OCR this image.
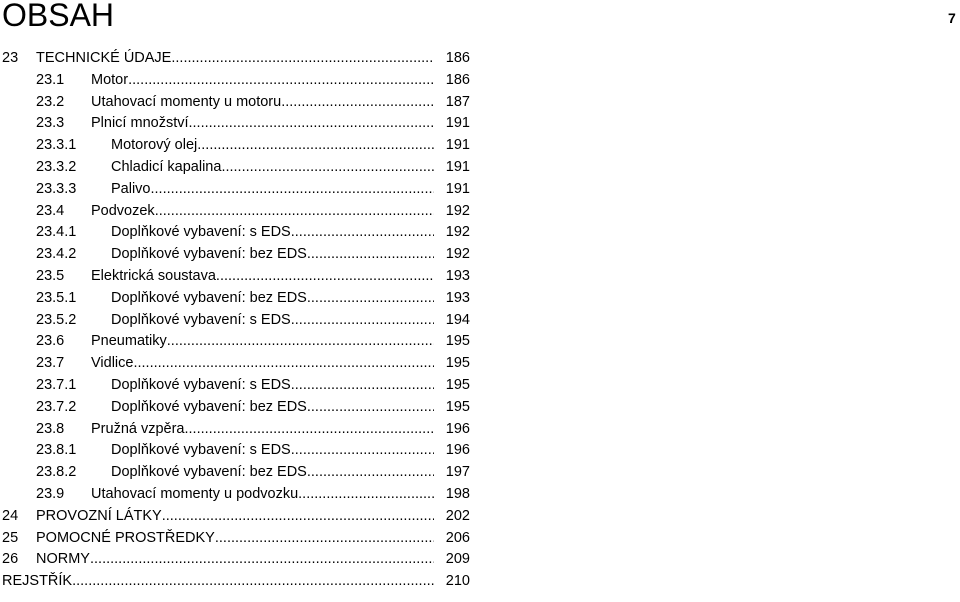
OBSAH	7
23 TECHNICKÉ ÚDAJE .....	186
23.1 Motor .....	186
23.2 Utahovací momenty u motoru .....	187
23.3 Plnicí množství .....	191
23.3.1 Motorový olej .....	191
23.3.2 Chladicí kapalina .....	191
23.3.3 Palivo .....	191
23.4 Podvozek .....	192
23.4.1 Doplňkové vybavení: s EDS .....	192
23.4.2 Doplňkové vybavení: bez EDS .....	192
23.5 Elektrická soustava .....	193
23.5.1 Doplňkové vybavení: bez EDS .....	193
23.5.2 Doplňkové vybavení: s EDS .....	194
23.6 Pneumatiky .....	195
23.7 Vidlice .....	195
23.7.1 Doplňkové vybavení: s EDS .....	195
23.7.2 Doplňkové vybavení: bez EDS .....	195
23.8 Pružná vzpěra .....	196
23.8.1 Doplňkové vybavení: s EDS .....	196
23.8.2 Doplňkové vybavení: bez EDS .....	197
23.9 Utahovací momenty u podvozku .....	198
24 PROVOZNÍ LÁTKY .....	202
25 POMOCNÉ PROSTŘEDKY .....	206
26 NORMY .....	209
REJSTŘÍK .....	210
